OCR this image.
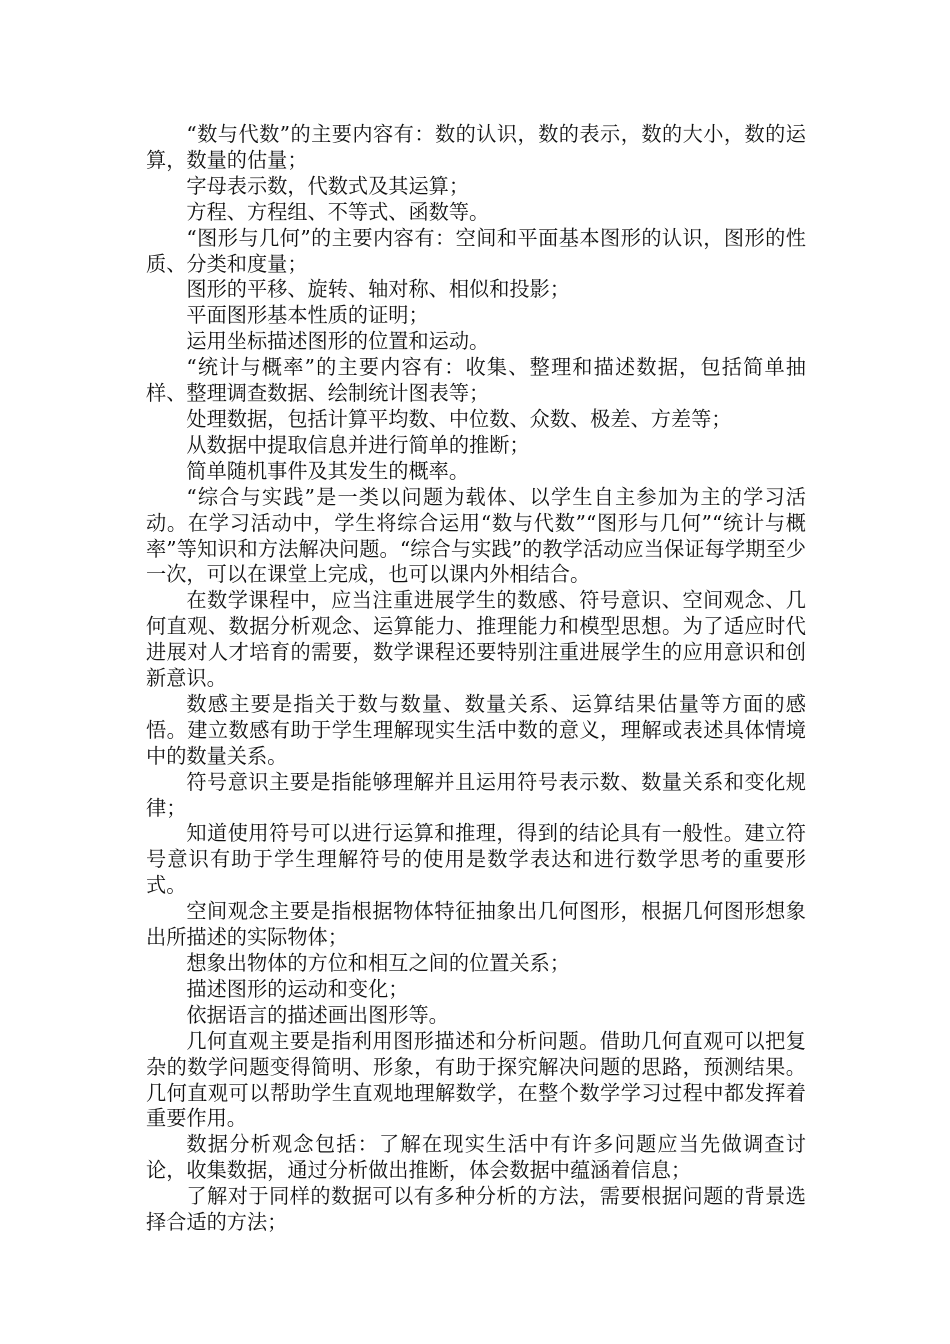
“数与代数”的主要内容有：数的认识，数的表示，数的大小，数的运算，数量的估量；

字母表示数，代数式及其运算；

方程、方程组、不等式、函数等。

“图形与几何”的主要内容有：空间和平面基本图形的认识，图形的性质、分类和度量；

图形的平移、旋转、轴对称、相似和投影；

平面图形基本性质的证明；

运用坐标描述图形的位置和运动。

“统计与概率”的主要内容有：收集、整理和描述数据，包括简单抽样、整理调查数据、绘制统计图表等；

处理数据，包括计算平均数、中位数、众数、极差、方差等；

从数据中提取信息并进行简单的推断；

简单随机事件及其发生的概率。

“综合与实践”是一类以问题为载体、以学生自主参加为主的学习活动。在学习活动中，学生将综合运用“数与代数”“图形与几何”“统计与概率”等知识和方法解决问题。“综合与实践”的教学活动应当保证每学期至少一次，可以在课堂上完成，也可以课内外相结合。

在数学课程中，应当注重进展学生的数感、符号意识、空间观念、几何直观、数据分析观念、运算能力、推理能力和模型思想。为了适应时代进展对人才培育的需要，数学课程还要特别注重进展学生的应用意识和创新意识。

数感主要是指关于数与数量、数量关系、运算结果估量等方面的感悟。建立数感有助于学生理解现实生活中数的意义，理解或表述具体情境中的数量关系。

符号意识主要是指能够理解并且运用符号表示数、数量关系和变化规律；

知道使用符号可以进行运算和推理，得到的结论具有一般性。建立符号意识有助于学生理解符号的使用是数学表达和进行数学思考的重要形式。

空间观念主要是指根据物体特征抽象出几何图形，根据几何图形想象出所描述的实际物体；

想象出物体的方位和相互之间的位置关系；

描述图形的运动和变化；

依据语言的描述画出图形等。

几何直观主要是指利用图形描述和分析问题。借助几何直观可以把复杂的数学问题变得简明、形象，有助于探究解决问题的思路，预测结果。几何直观可以帮助学生直观地理解数学，在整个数学学习过程中都发挥着重要作用。

数据分析观念包括：了解在现实生活中有许多问题应当先做调查讨论，收集数据，通过分析做出推断，体会数据中蕴涵着信息；

了解对于同样的数据可以有多种分析的方法，需要根据问题的背景选择合适的方法；
